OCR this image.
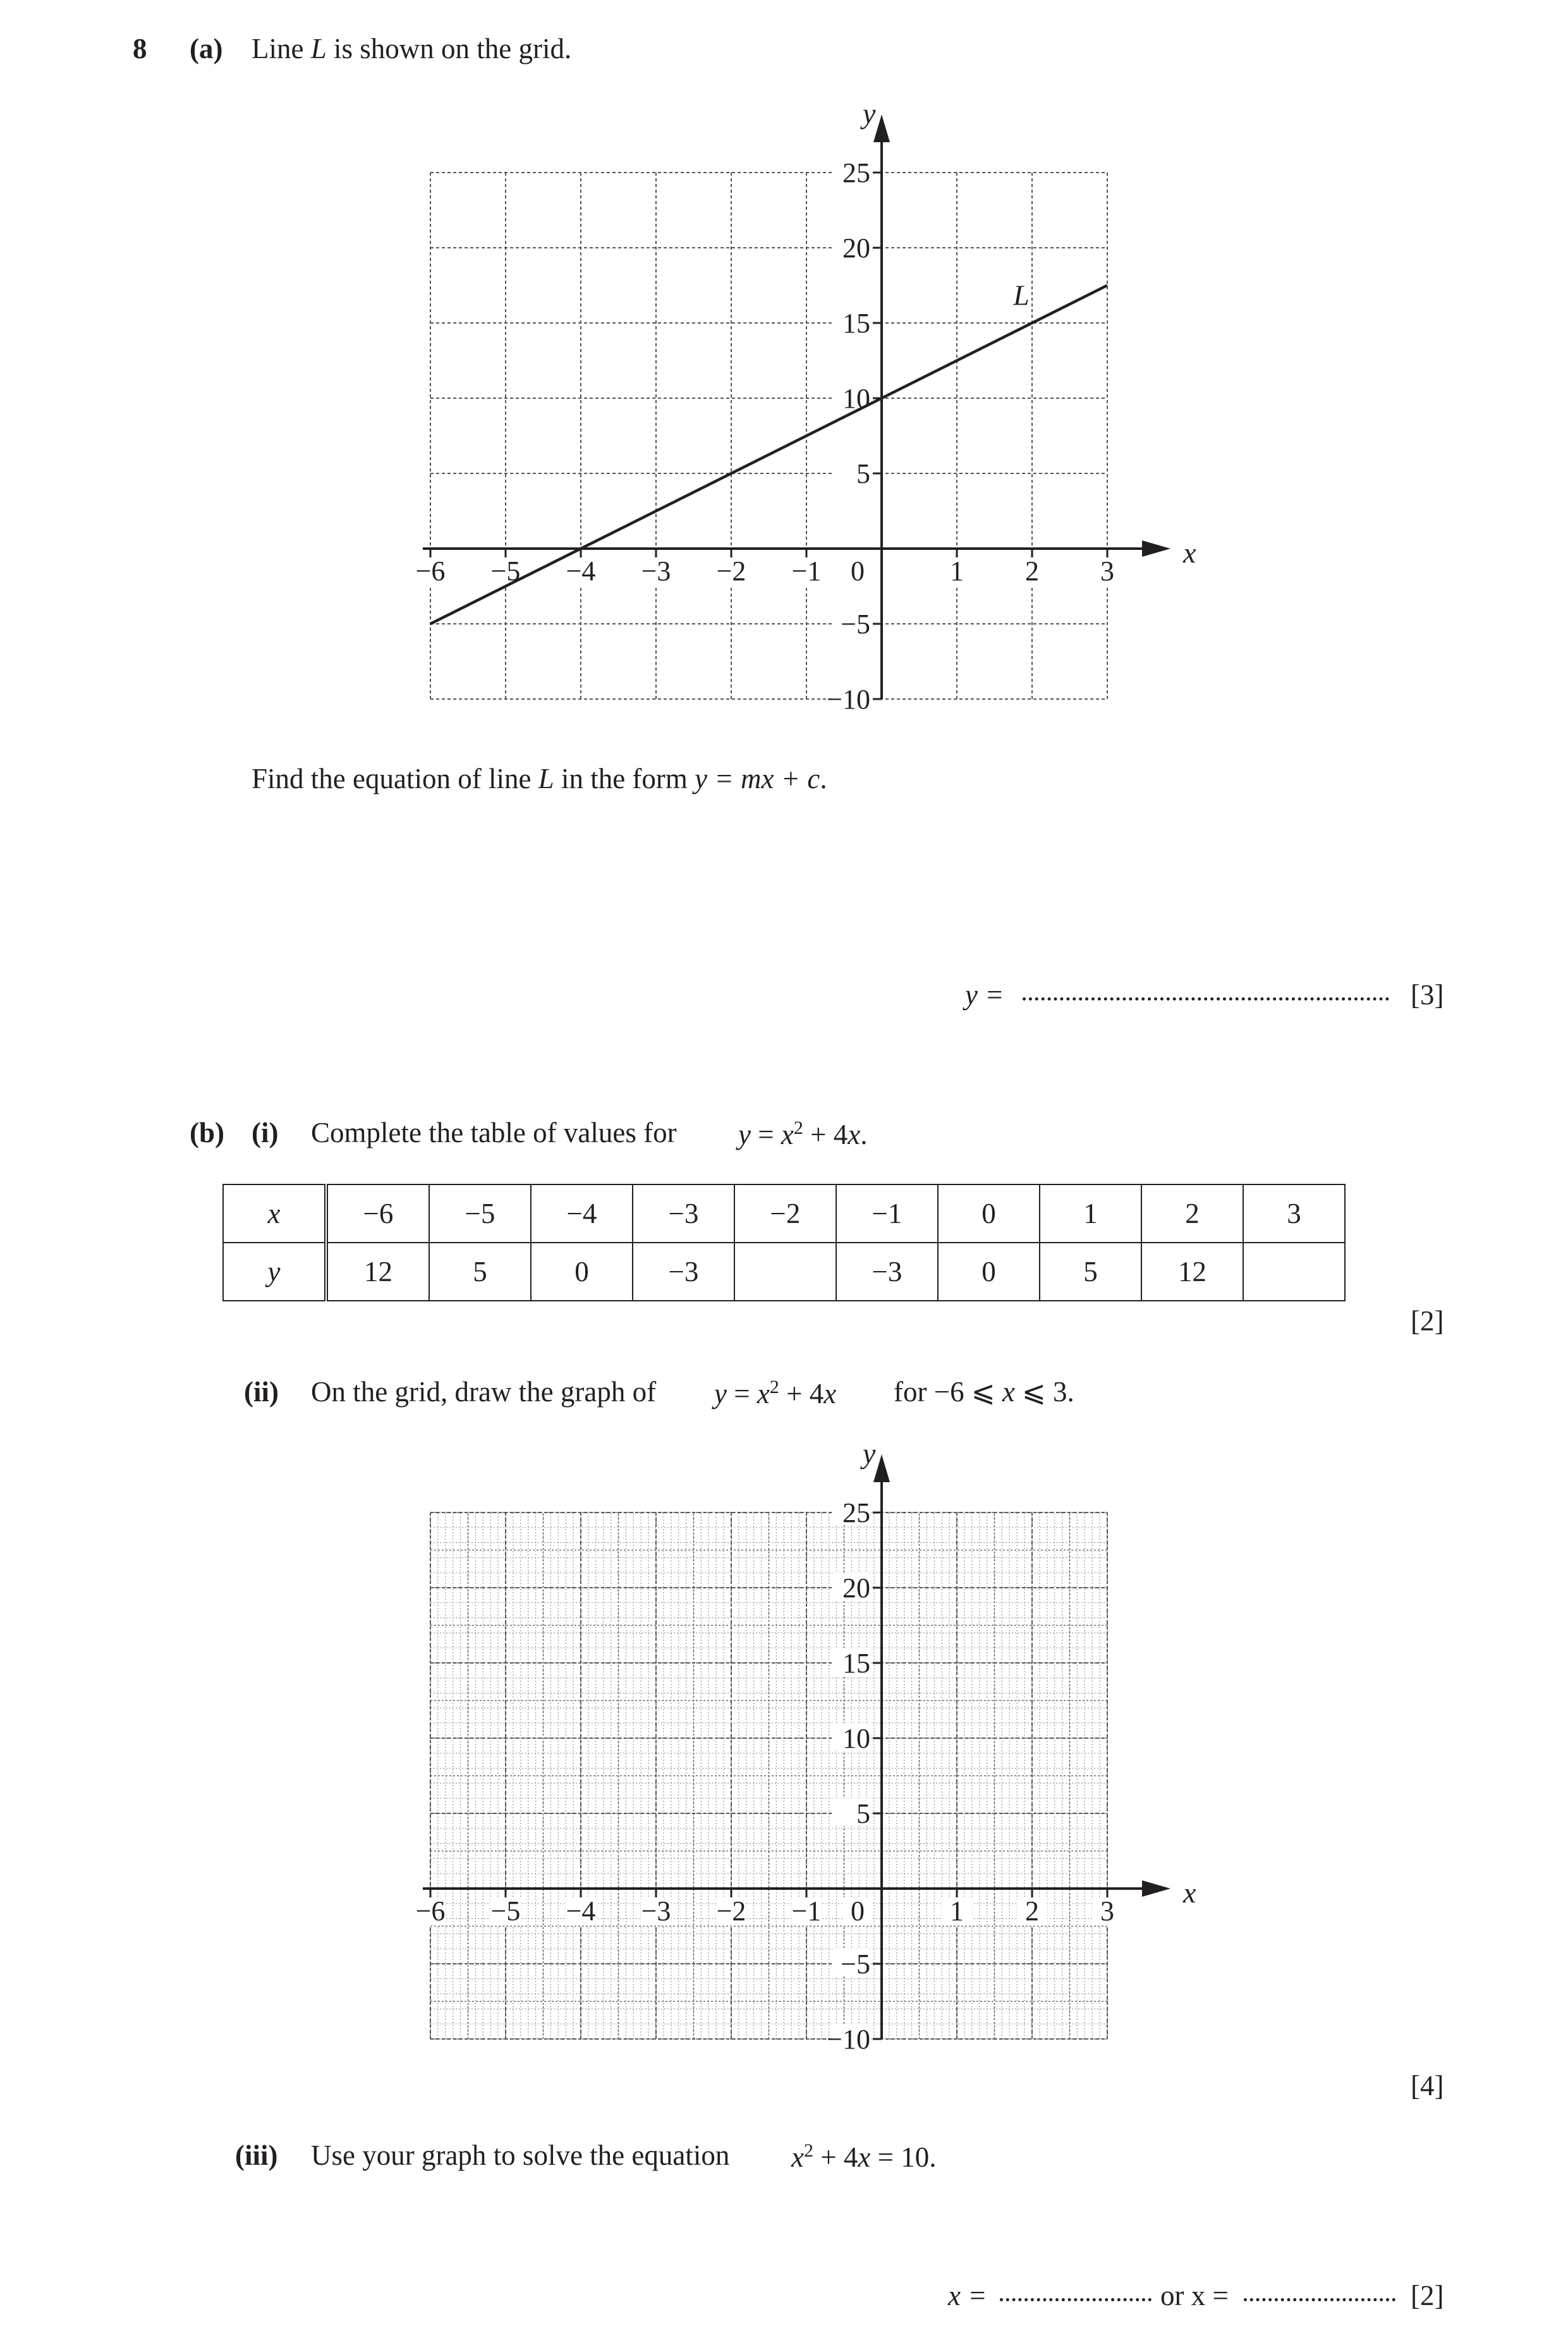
8 (a) Line L is shown on the grid.
−6 −5 −4 −3 −2 −1 0	1 2 3
25
20
15
10
5
−5
−10
x
y
L
Find the equation of line L in the form y = mx + c.
y =	[3]
(b) (i) Complete the table of values for $y = x^2 + 4x$.
x	−6	−5	−4	−3	−2	−1	0	1	2	3
y	12	5	0	−3		−3	0	5	12	
[2]
(ii) On the grid, draw the graph of $y = x^2 + 4x$ for −6 ⩽ x ⩽ 3.
−6 −5 −4 −3 −2 −1 0	1 2 3
25
20
15
10
5
−5
−10
x
y
[4]
(iii) Use your graph to solve the equation $x^2 + 4x = 10$.
x =	or x =	[2]
